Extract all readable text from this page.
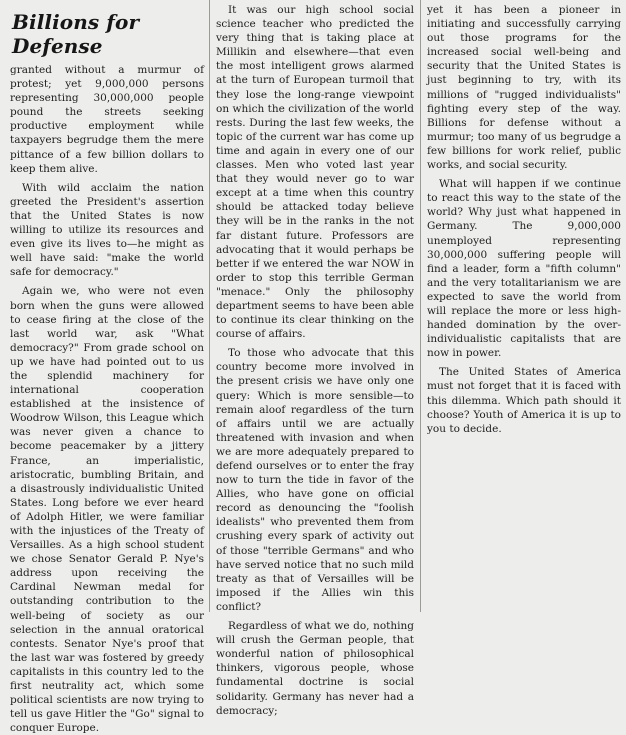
Billions for Defense

granted without a murmur of protest; yet 9,000,000 persons representing 30,000,000 people pound the streets seeking productive employment while taxpayers begrudge them the mere pittance of a few billion dollars to keep them alive.

With wild acclaim the nation greeted the President's assertion that the United States is now willing to utilize its resources and even give its lives to—he might as well have said: "make the world safe for democracy."

Again we, who were not even born when the guns were allowed to cease firing at the close of the last world war, ask "What democracy?" From grade school on up we have had pointed out to us the splendid machinery for international cooperation established at the insistence of Woodrow Wilson, this League which was never given a chance to become peacemaker by a jittery France, an imperialistic, aristocratic, bumbling Britain, and a disastrously individualistic United States. Long before we ever heard of Adolph Hitler, we were familiar with the injustices of the Treaty of Versailles. As a high school student we chose Senator Gerald P. Nye's address upon receiving the Cardinal Newman medal for outstanding contribution to the well-being of society as our selection in the annual oratorical contests. Senator Nye's proof that the last war was fostered by greedy capitalists in this country led to the first neutrality act, which some political scientists are now trying to tell us gave Hitler the "Go" signal to conquer Europe.

It was our high school social science teacher who predicted the very thing that is taking place at Millikin and elsewhere—that even the most intelligent grows alarmed at the turn of European turmoil that they lose the long-range viewpoint on which the civilization of the world rests. During the last few weeks, the topic of the current war has come up time and again in every one of our classes. Men who voted last year that they would never go to war except at a time when this country should be attacked today believe they will be in the ranks in the not far distant future. Professors are advocating that it would perhaps be better if we entered the war NOW in order to stop this terrible German "menace." Only the philosophy department seems to have been able to continue its clear thinking on the course of affairs.

To those who advocate that this country become more involved in the present crisis we have only one query: Which is more sensible—to remain aloof regardless of the turn of affairs until we are actually threatened with invasion and when we are more adequately prepared to defend ourselves or to enter the fray now to turn the tide in favor of the Allies, who have gone on official record as denouncing the "foolish idealists" who prevented them from crushing every spark of activity out of those "terrible Germans" and who have served notice that no such mild treaty as that of Versailles will be imposed if the Allies win this conflict?

Regardless of what we do, nothing will crush the German people, that wonderful nation of philosophical thinkers, vigorous people, whose fundamental doctrine is social solidarity. Germany has never had a democracy;

yet it has been a pioneer in initiating and successfully carrying out those programs for the increased social well-being and security that the United States is just beginning to try, with its millions of "rugged individualists" fighting every step of the way. Billions for defense without a murmur; too many of us begrudge a few billions for work relief, public works, and social security.

What will happen if we continue to react this way to the state of the world? Why just what happened in Germany. The 9,000,000 unemployed representing 30,000,000 suffering people will find a leader, form a "fifth column" and the very totalitarianism we are expected to save the world from will replace the more or less high-handed domination by the over-individualistic capitalists that are now in power.

The United States of America must not forget that it is faced with this dilemma. Which path should it choose? Youth of America it is up to you to decide.
